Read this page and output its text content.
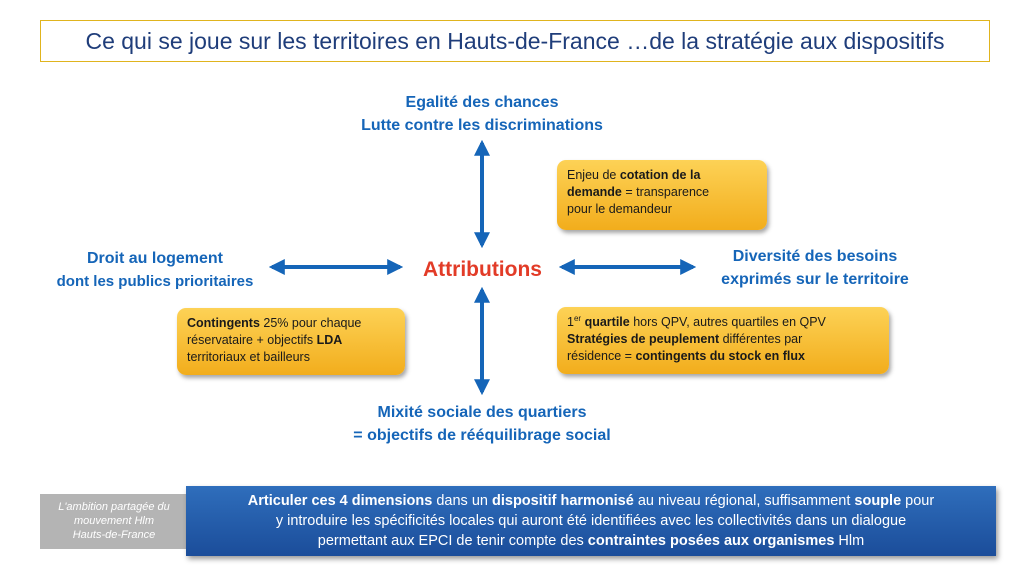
Ce qui se joue sur les territoires en Hauts-de-France …de la stratégie aux dispositifs
Egalité des chances
Lutte contre les discriminations
Mixité sociale des quartiers
= objectifs de rééquilibrage social
Droit au logement
dont les publics prioritaires
Diversité des besoins
exprimés sur le territoire
Attributions
Enjeu de cotation de la
demande = transparence
pour le demandeur
Contingents 25% pour chaque
réservataire + objectifs LDA
territoriaux et bailleurs
1er quartile hors QPV, autres quartiles en QPV
Stratégies de peuplement différentes par
résidence = contingents du stock en flux
L'ambition partagée du
mouvement Hlm
Hauts-de-France
Articuler ces 4 dimensions dans un dispositif harmonisé au niveau régional, suffisamment souple pour
y introduire les spécificités locales qui auront été identifiées avec les collectivités dans un dialogue
permettant aux EPCI de tenir compte des contraintes posées aux organismes Hlm
